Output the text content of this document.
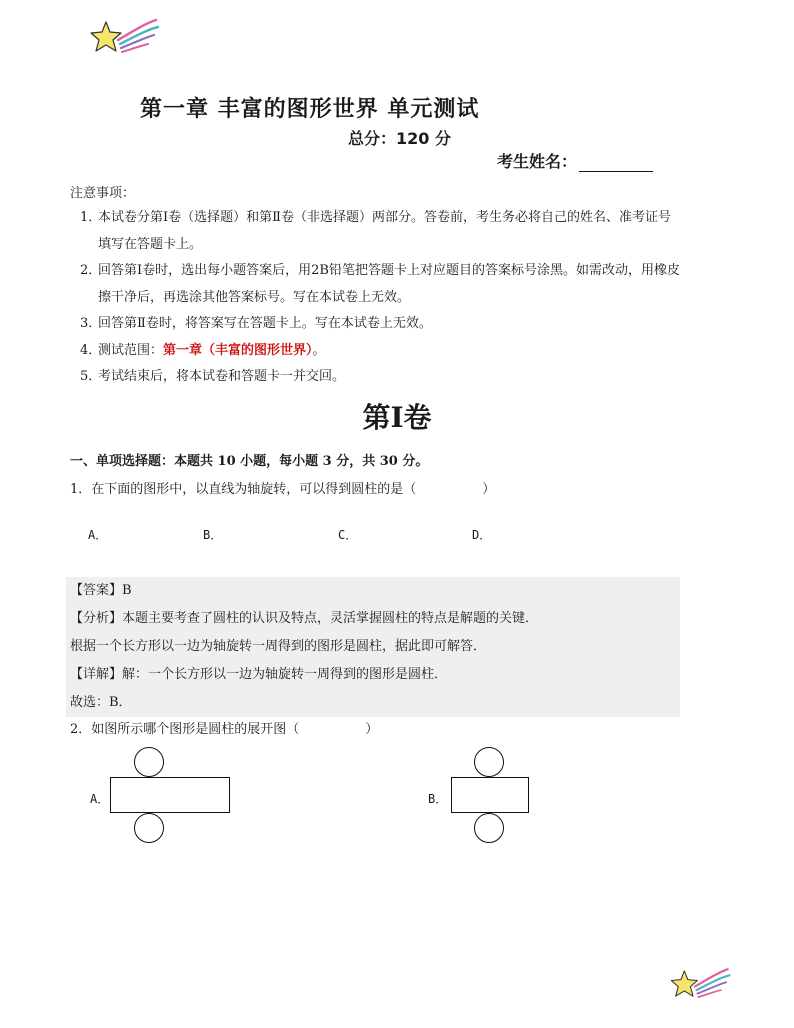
第一章 丰富的图形世界 单元测试
总分：120 分
考生姓名：
注意事项：
1．
本试卷分第Ⅰ卷（选择题）和第Ⅱ卷（非选择题）两部分。答卷前，考生务必将自己的姓名、准考证号填写在答题卡上。
2．
回答第Ⅰ卷时，选出每小题答案后，用2B铅笔把答题卡上对应题目的答案标号涂黑。如需改动，用橡皮擦干净后，再选涂其他答案标号。写在本试卷上无效。
3．
回答第Ⅱ卷时，将答案写在答题卡上。写在本试卷上无效。
4．
测试范围：第一章（丰富的图形世界）。
5．
考试结束后，将本试卷和答题卡一并交回。
第Ⅰ卷
一、单项选择题：本题共 10 小题，每小题 3 分，共 30 分。
1．在下面的图形中，以直线为轴旋转，可以得到圆柱的是（	）
A．	B．	C．	D．
【答案】B
【分析】本题主要考查了圆柱的认识及特点，灵活掌握圆柱的特点是解题的关键．
根据一个长方形以一边为轴旋转一周得到的图形是圆柱，据此即可解答．
【详解】解：一个长方形以一边为轴旋转一周得到的图形是圆柱．
故选：B．
2．如图所示哪个图形是圆柱的展开图（	）
A．	B．
